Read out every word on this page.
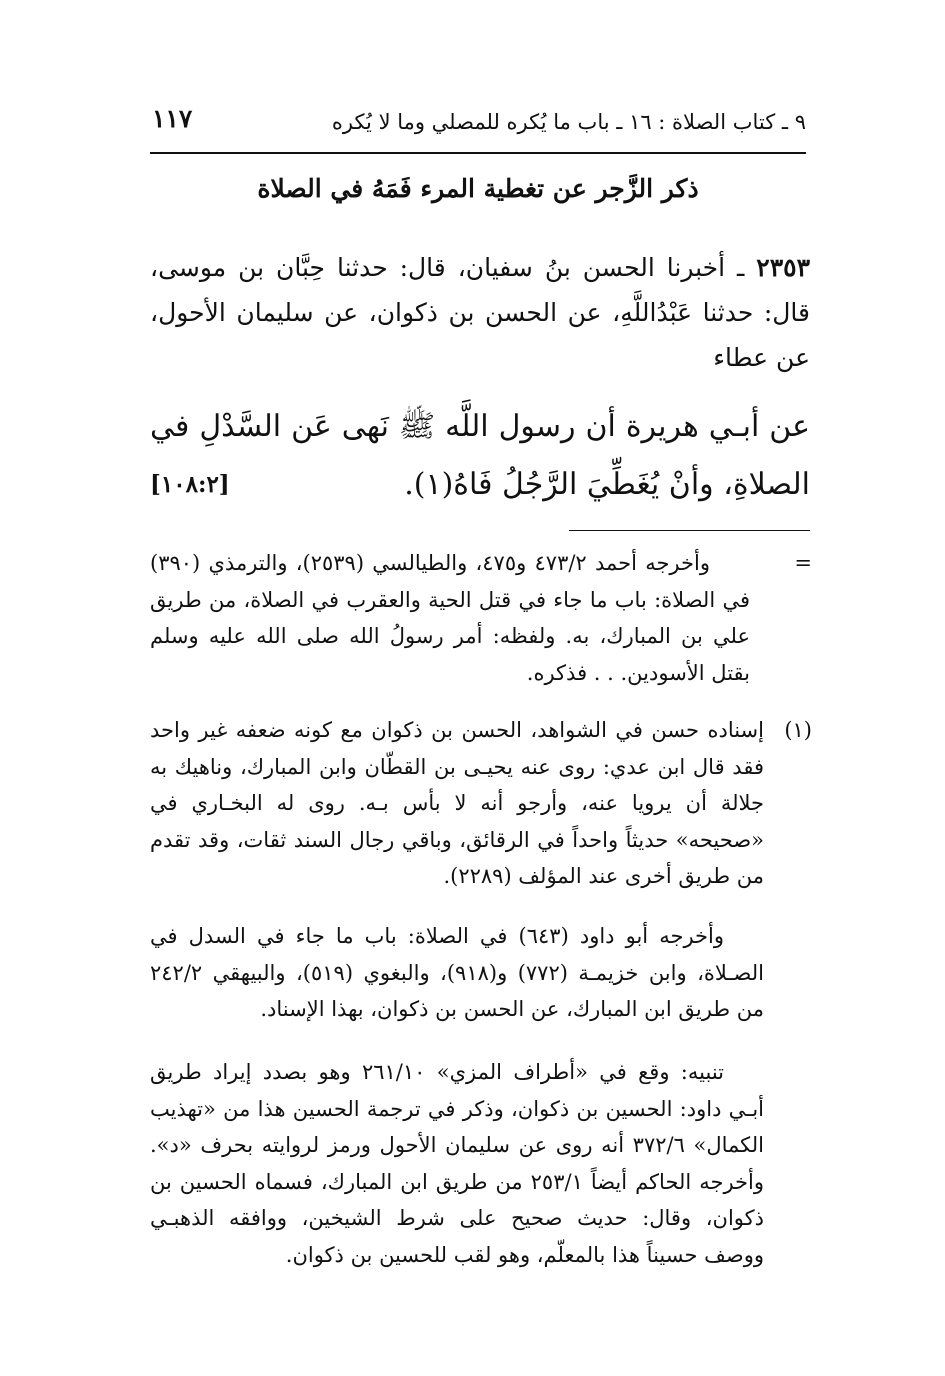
٩ ـ كتاب الصلاة : ١٦ ـ باب ما يُكره للمصلي وما لا يُكره
١١٧
ذكر الزَّجر عن تغطية المرء فَمَهُ في الصلاة
٢٣٥٣ ـ أخبرنا الحسن بنُ سفيان، قال: حدثنا حِبَّان بن موسى، قال: حدثنا عَبْدُاللَّهِ، عن الحسن بن ذكوان، عن سليمان الأحول، عن عطاء
عن أبـي هريرة أن رسول اللَّه ﷺ نَهى عَن السَّدْلِ في الصلاةِ، وأنْ يُغَطِّيَ الرَّجُلُ فَاهُ(١).
[١٠٨:٢]
=
وأخرجه أحمد ٤٧٣/٢ و٤٧٥، والطيالسي (٢٥٣٩)، والترمذي (٣٩٠) في الصلاة: باب ما جاء في قتل الحية والعقرب في الصلاة، من طريق علي بن المبارك، به. ولفظه: أمر رسولُ الله صلى الله عليه وسلم بقتل الأسودين. . . فذكره.
(١)
إسناده حسن في الشواهد، الحسن بن ذكوان مع كونه ضعفه غير واحد فقد قال ابن عدي: روى عنه يحيـى بن القطّان وابن المبارك، وناهيك به جلالة أن يرويا عنه، وأرجو أنه لا بأس بـه. روى له البخـاري في «صحيحه» حديثاً واحداً في الرقائق، وباقي رجال السند ثقات، وقد تقدم من طريق أخرى عند المؤلف (٢٢٨٩).
وأخرجه أبو داود (٦٤٣) في الصلاة: باب ما جاء في السدل في الصـلاة، وابن خزيمـة (٧٧٢) و(٩١٨)، والبغوي (٥١٩)، والبيهقي ٢٤٢/٢ من طريق ابن المبارك، عن الحسن بن ذكوان، بهذا الإسناد.
تنبيه: وقع في «أطراف المزي» ٢٦١/١٠ وهو بصدد إيراد طريق أبـي داود: الحسين بن ذكوان، وذكر في ترجمة الحسين هذا من «تهذيب الكمال» ٣٧٢/٦ أنه روى عن سليمان الأحول ورمز لروايته بحرف «د». وأخرجه الحاكم أيضاً ٢٥٣/١ من طريق ابن المبارك، فسماه الحسين بن ذكوان، وقال: حديث صحيح على شرط الشيخين، ووافقه الذهبـي ووصف حسيناً هذا بالمعلّم، وهو لقب للحسين بن ذكوان.
